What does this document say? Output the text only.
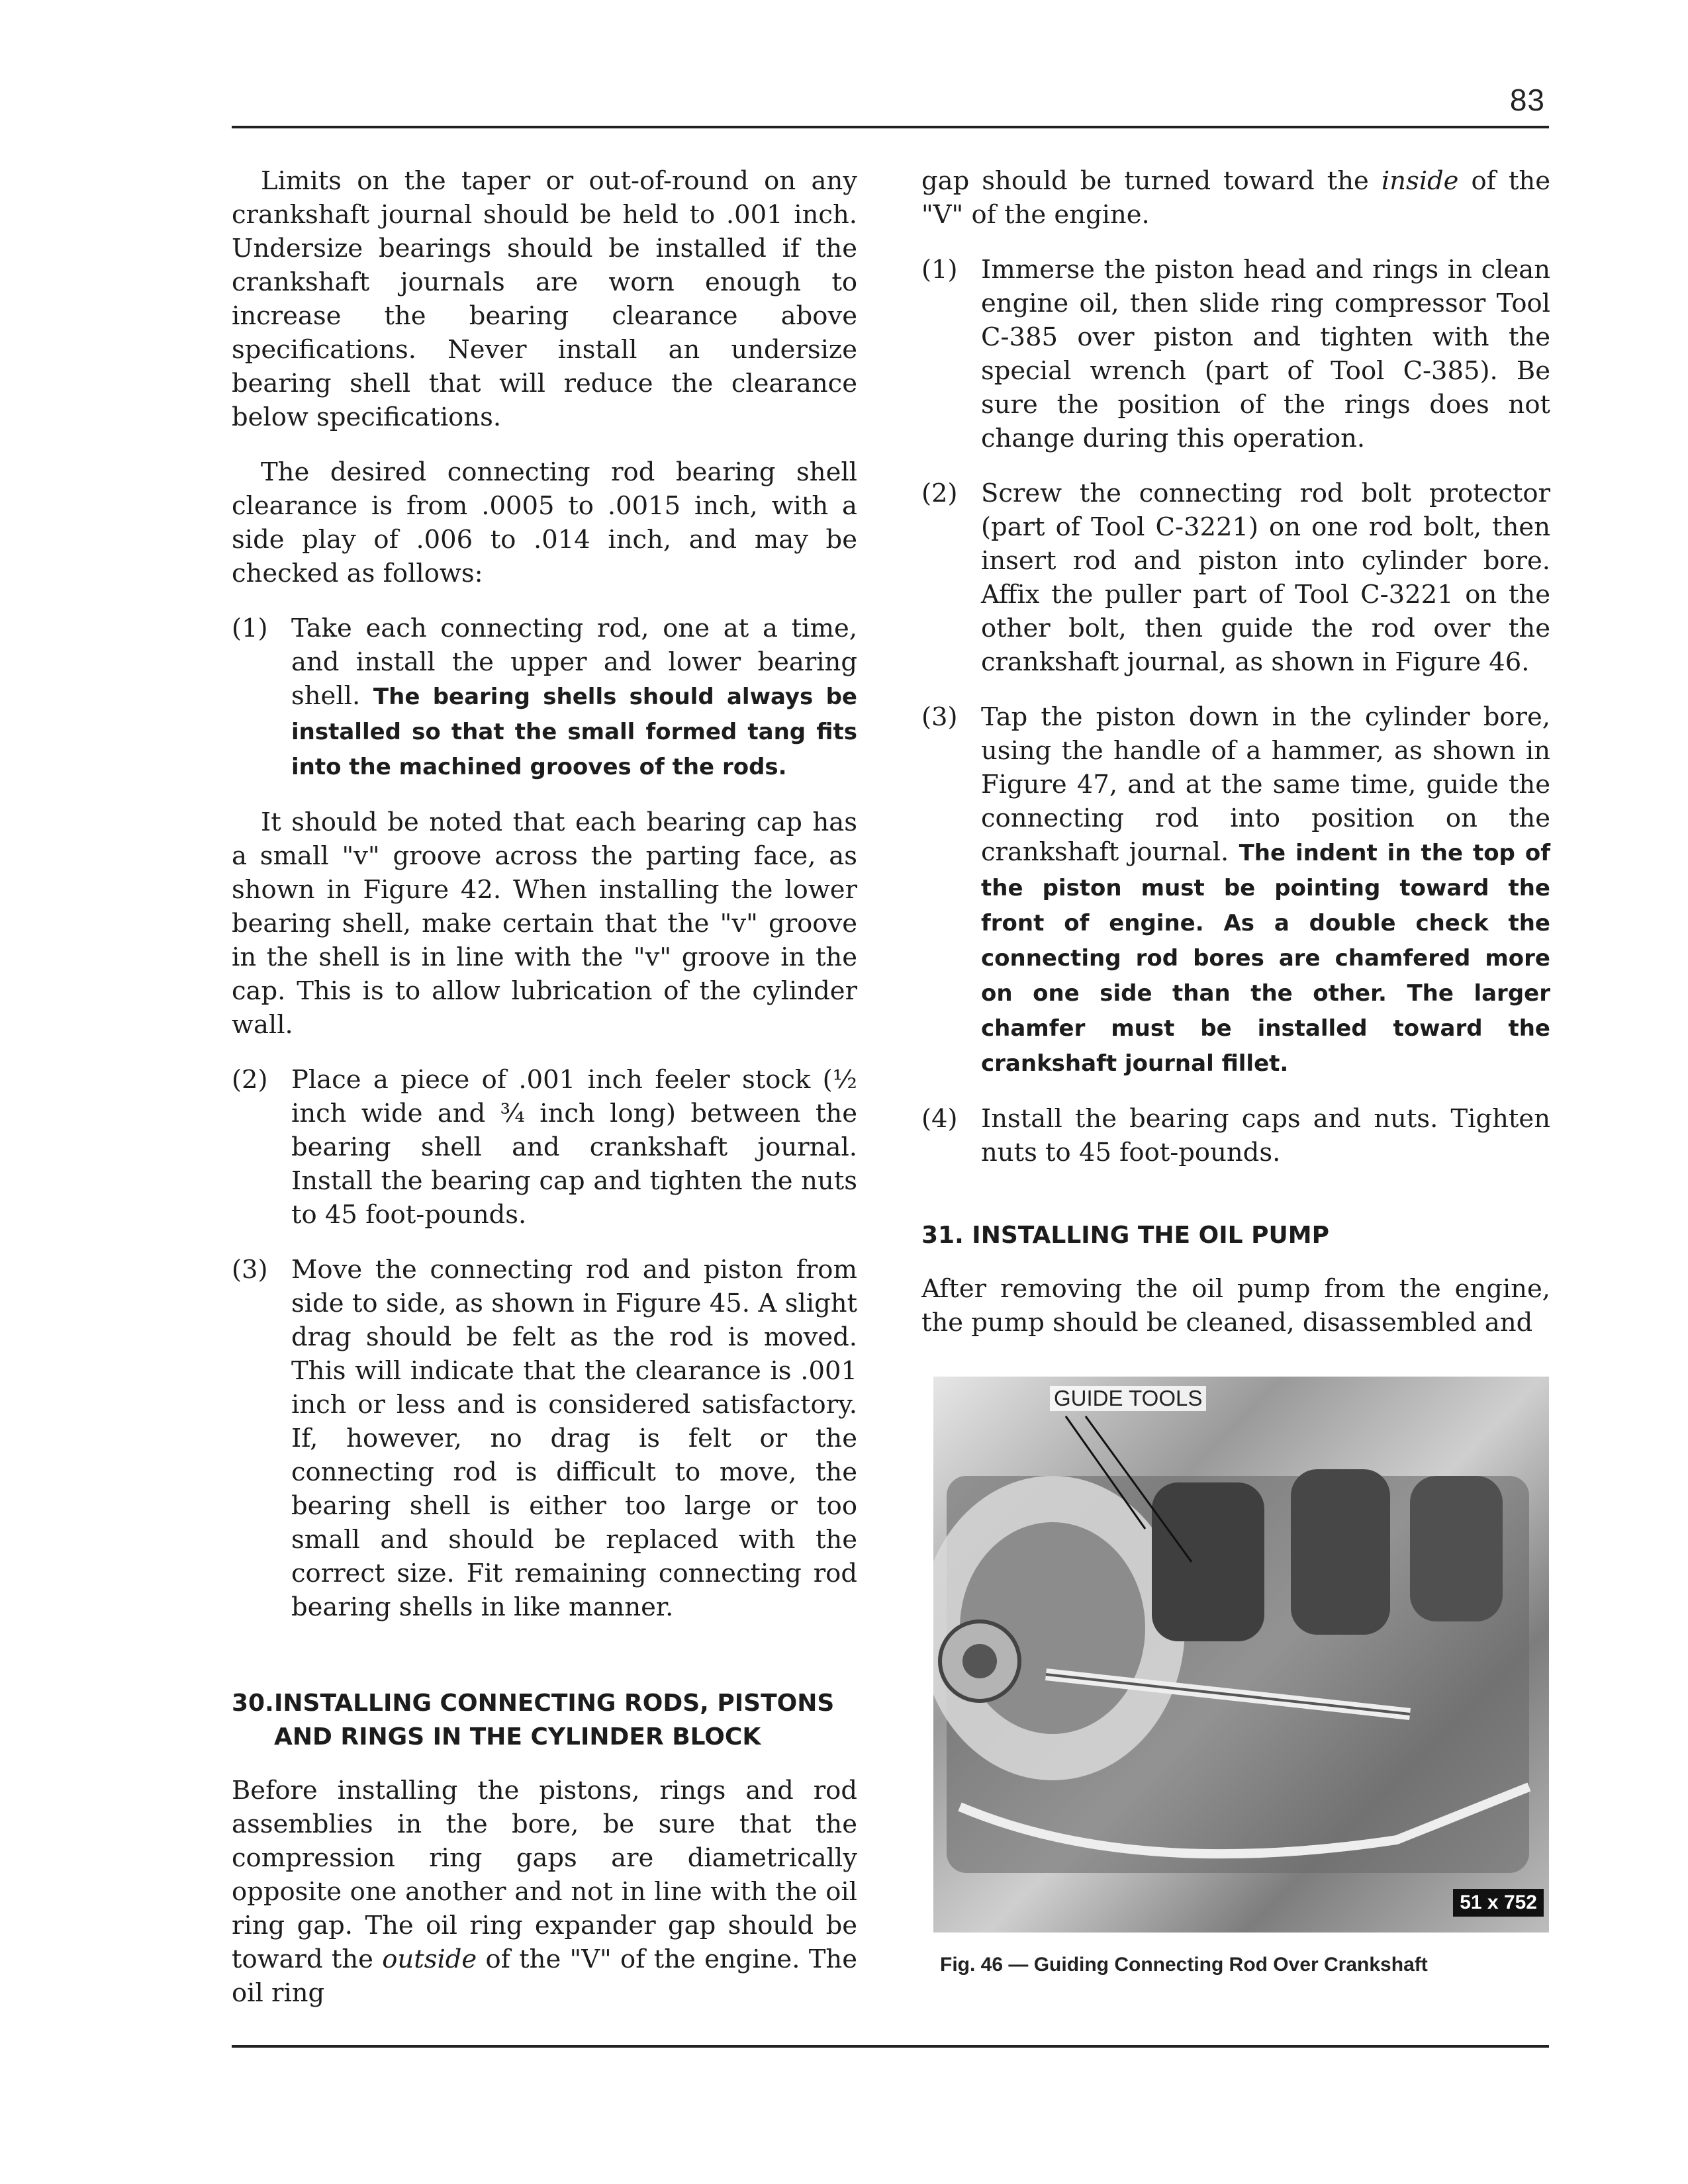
83

Limits on the taper or out-of-round on any crankshaft journal should be held to .001 inch. Undersize bearings should be installed if the crankshaft journals are worn enough to increase the bearing clearance above specifications. Never install an undersize bearing shell that will reduce the clearance below specifications.

The desired connecting rod bearing shell clearance is from .0005 to .0015 inch, with a side play of .006 to .014 inch, and may be checked as follows:

(1) Take each connecting rod, one at a time, and install the upper and lower bearing shell. The bearing shells should always be installed so that the small formed tang fits into the machined grooves of the rods.

It should be noted that each bearing cap has a small "v" groove across the parting face, as shown in Figure 42. When installing the lower bearing shell, make certain that the "v" groove in the shell is in line with the "v" groove in the cap. This is to allow lubrication of the cylinder wall.

(2) Place a piece of .001 inch feeler stock (½ inch wide and ¾ inch long) between the bearing shell and crankshaft journal. Install the bearing cap and tighten the nuts to 45 foot-pounds.
(3) Move the connecting rod and piston from side to side, as shown in Figure 45. A slight drag should be felt as the rod is moved. This will indicate that the clearance is .001 inch or less and is considered satisfactory. If, however, no drag is felt or the connecting rod is difficult to move, the bearing shell is either too large or too small and should be replaced with the correct size. Fit remaining connecting rod bearing shells in like manner.
30. INSTALLING CONNECTING RODS, PISTONS AND RINGS IN THE CYLINDER BLOCK

Before installing the pistons, rings and rod assemblies in the bore, be sure that the compression ring gaps are diametrically opposite one another and not in line with the oil ring gap. The oil ring expander gap should be toward the outside of the "V" of the engine. The oil ring

gap should be turned toward the inside of the "V" of the engine.

(1) Immerse the piston head and rings in clean engine oil, then slide ring compressor Tool C-385 over piston and tighten with the special wrench (part of Tool C-385). Be sure the position of the rings does not change during this operation.
(2) Screw the connecting rod bolt protector (part of Tool C-3221) on one rod bolt, then insert rod and piston into cylinder bore. Affix the puller part of Tool C-3221 on the other bolt, then guide the rod over the crankshaft journal, as shown in Figure 46.
(3) Tap the piston down in the cylinder bore, using the handle of a hammer, as shown in Figure 47, and at the same time, guide the connecting rod into position on the crankshaft journal. The indent in the top of the piston must be pointing toward the front of engine. As a double check the connecting rod bores are chamfered more on one side than the other. The larger chamfer must be installed toward the crankshaft journal fillet.
(4) Install the bearing caps and nuts. Tighten nuts to 45 foot-pounds.
31. INSTALLING THE OIL PUMP

After removing the oil pump from the engine, the pump should be cleaned, disassembled and

GUIDE TOOLS
51 x 752
Fig. 46 — Guiding Connecting Rod Over Crankshaft
